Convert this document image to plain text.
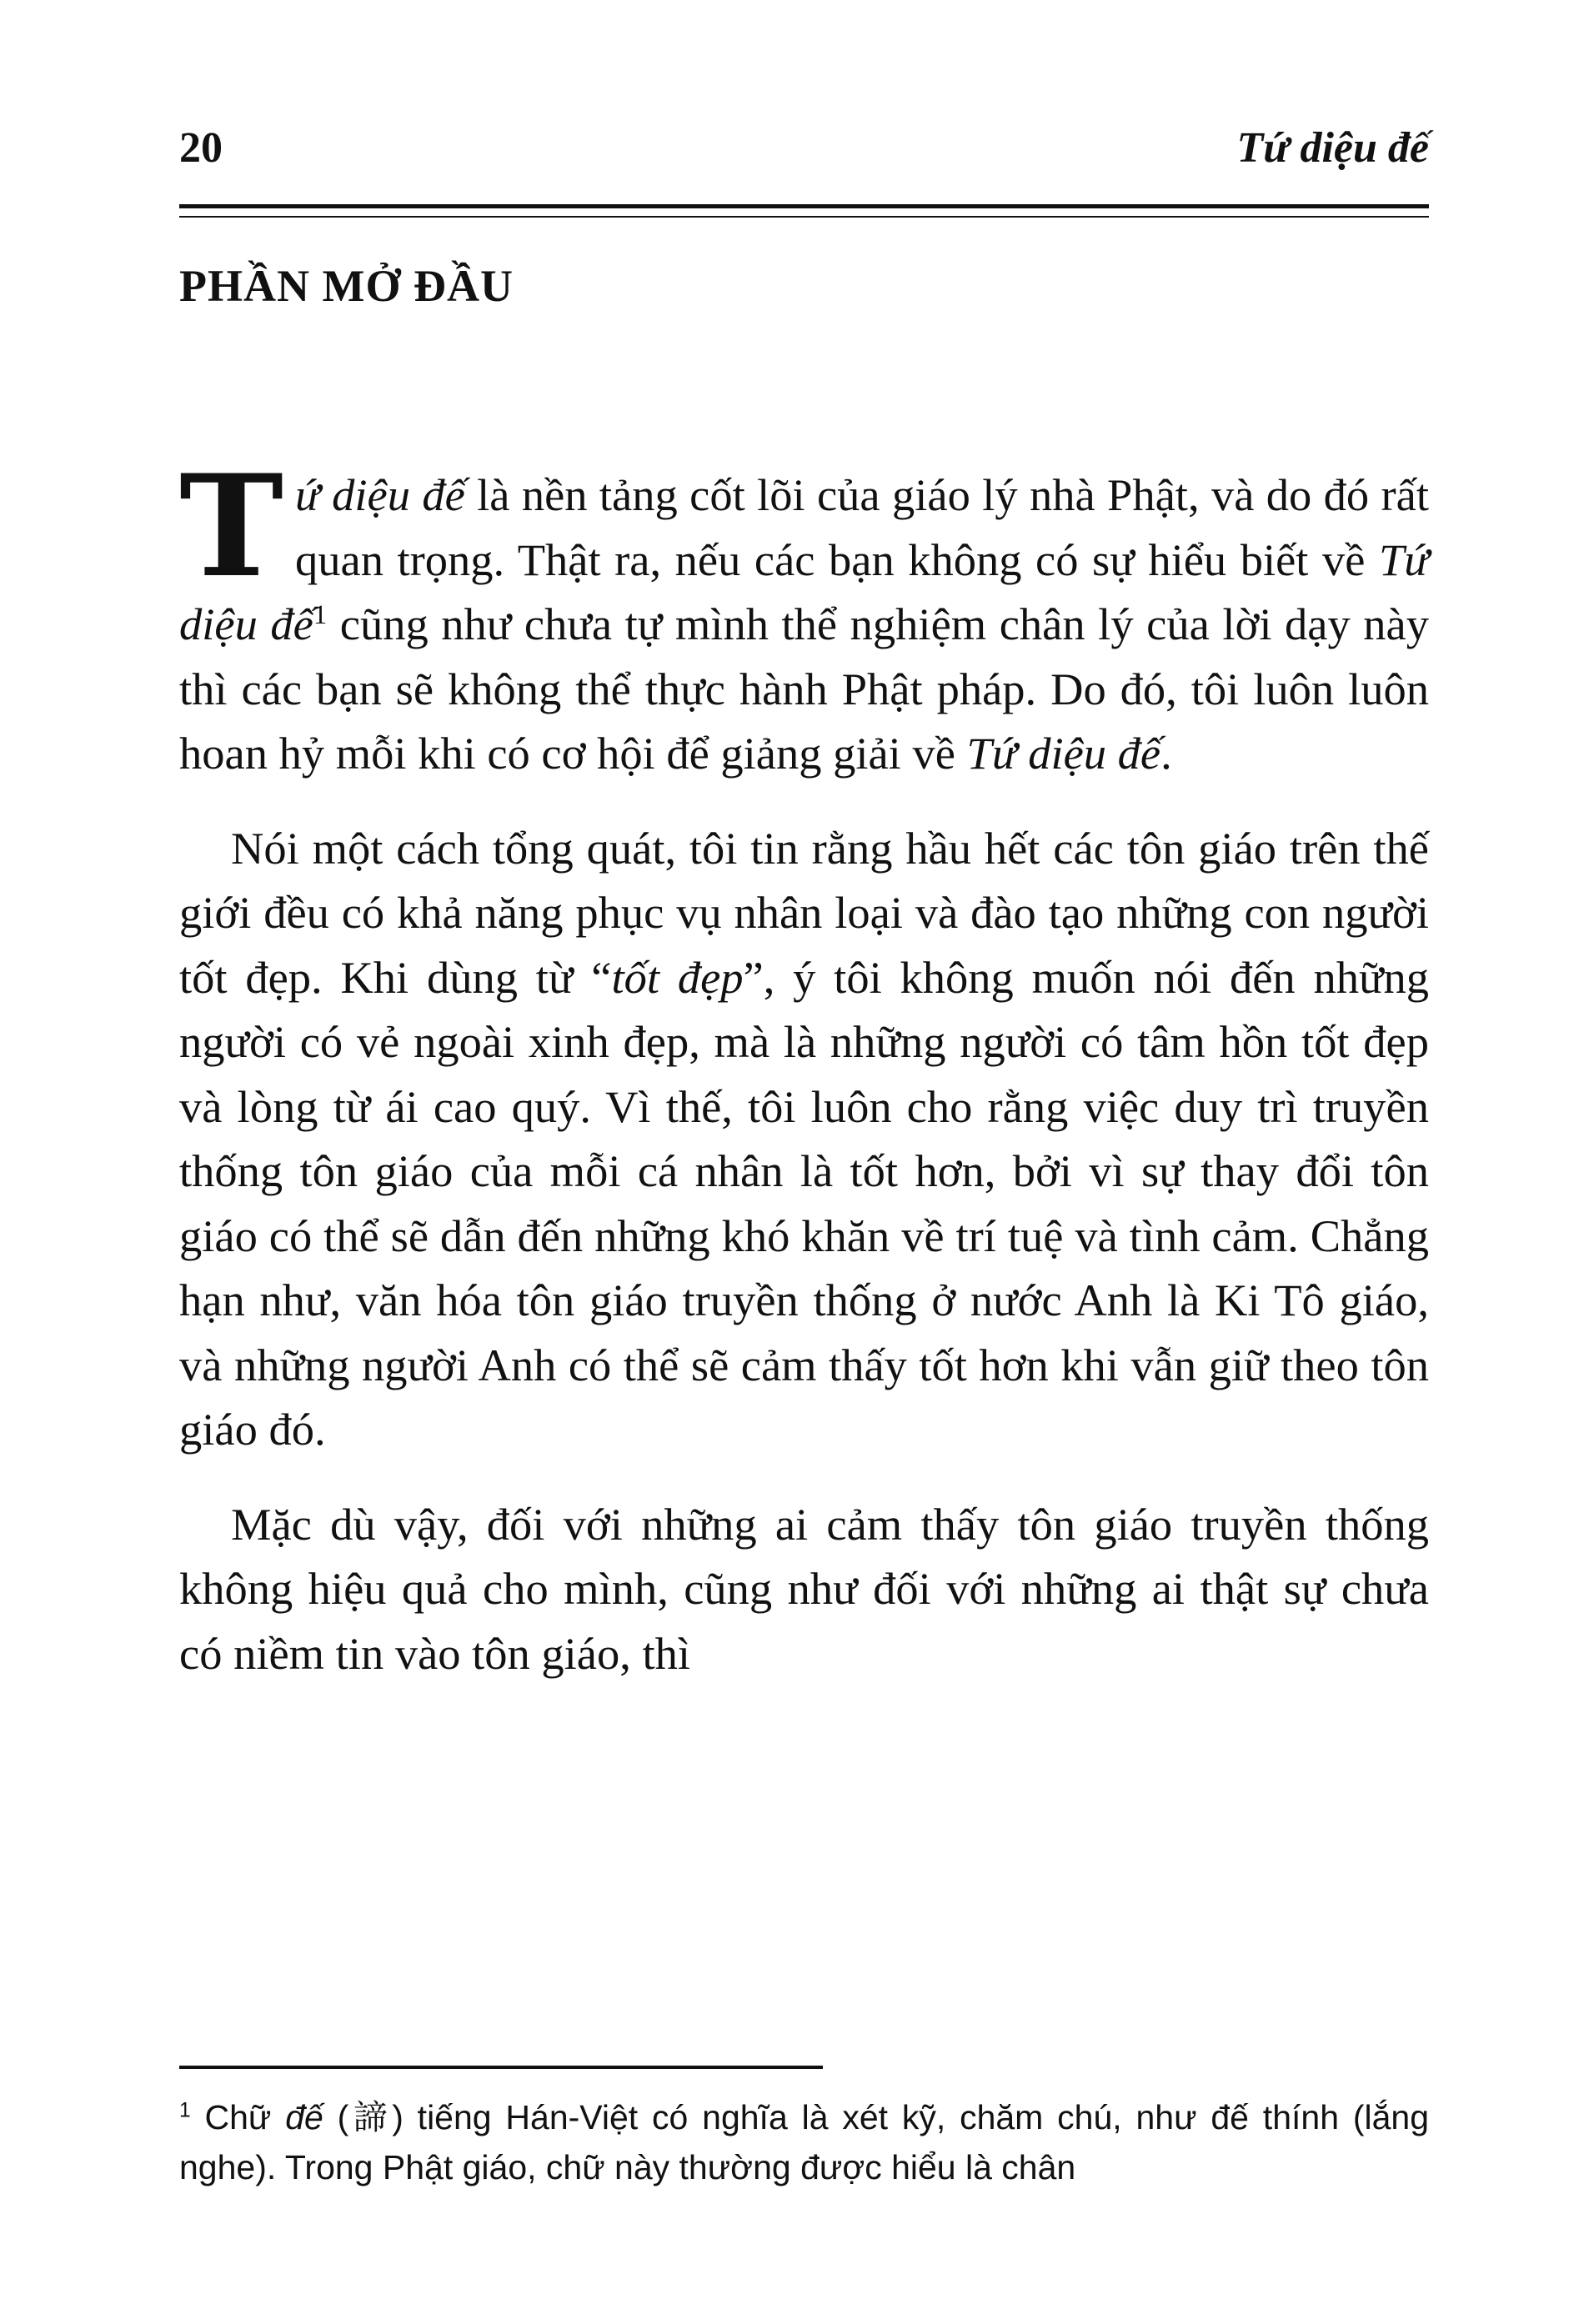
20	Tứ diệu đế
PHẦN MỞ ĐẦU

Tứ diệu đế là nền tảng cốt lõi của giáo lý nhà Phật, và do đó rất quan trọng. Thật ra, nếu các bạn không có sự hiểu biết về Tứ diệu đế$^1$ cũng như chưa tự mình thể nghiệm chân lý của lời dạy này thì các bạn sẽ không thể thực hành Phật pháp. Do đó, tôi luôn luôn hoan hỷ mỗi khi có cơ hội để giảng giải về Tứ diệu đế.

Nói một cách tổng quát, tôi tin rằng hầu hết các tôn giáo trên thế giới đều có khả năng phục vụ nhân loại và đào tạo những con người tốt đẹp. Khi dùng từ “tốt đẹp”, ý tôi không muốn nói đến những người có vẻ ngoài xinh đẹp, mà là những người có tâm hồn tốt đẹp và lòng từ ái cao quý. Vì thế, tôi luôn cho rằng việc duy trì truyền thống tôn giáo của mỗi cá nhân là tốt hơn, bởi vì sự thay đổi tôn giáo có thể sẽ dẫn đến những khó khăn về trí tuệ và tình cảm. Chẳng hạn như, văn hóa tôn giáo truyền thống ở nước Anh là Ki Tô giáo, và những người Anh có thể sẽ cảm thấy tốt hơn khi vẫn giữ theo tôn giáo đó.

Mặc dù vậy, đối với những ai cảm thấy tôn giáo truyền thống không hiệu quả cho mình, cũng như đối với những ai thật sự chưa có niềm tin vào tôn giáo, thì

$^1$ Chữ đế (諦) tiếng Hán-Việt có nghĩa là xét kỹ, chăm chú, như đế thính (lắng nghe). Trong Phật giáo, chữ này thường được hiểu là chân
